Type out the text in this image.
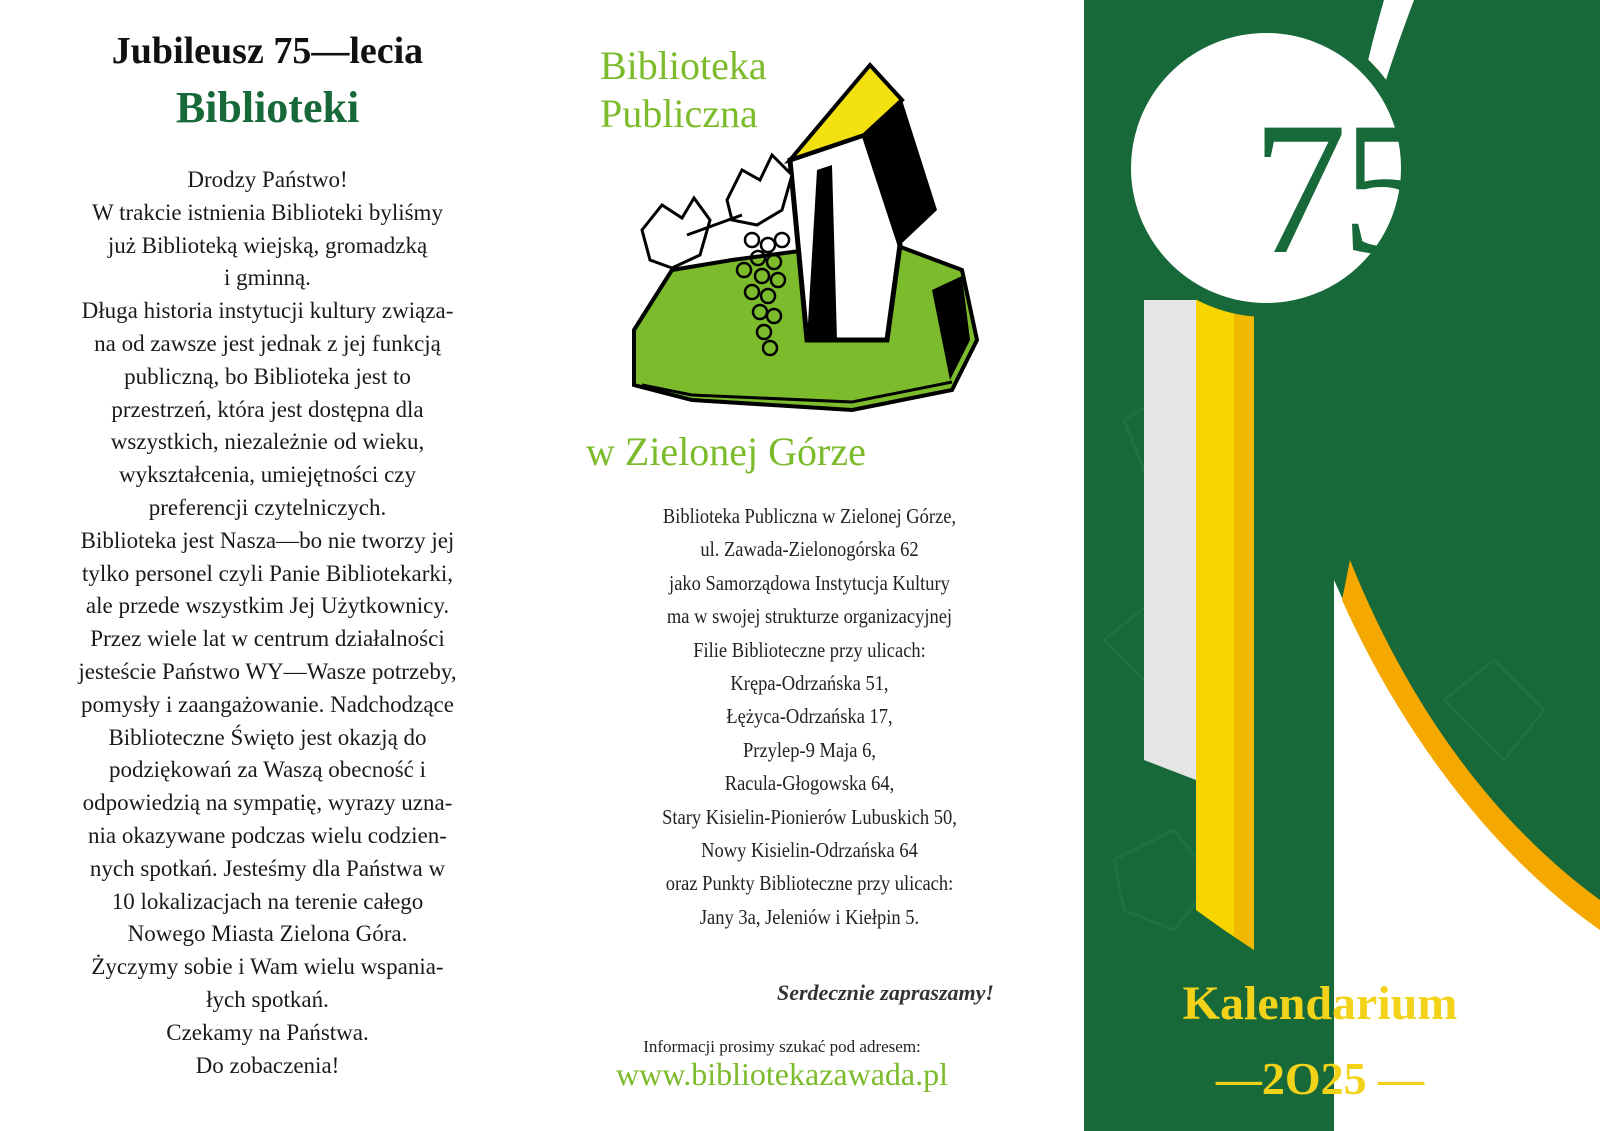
Jubileusz 75—lecia
Biblioteki
Drodzy Państwo!
W trakcie istnienia Biblioteki byliśmy
już Biblioteką wiejską, gromadzką
i gminną.
Długa historia instytucji kultury związa-
na od zawsze jest jednak z jej funkcją
publiczną, bo Biblioteka jest to
przestrzeń, która jest dostępna dla
wszystkich, niezależnie od wieku,
wykształcenia, umiejętności czy
preferencji czytelniczych.
Biblioteka jest Nasza—bo nie tworzy jej
tylko personel czyli Panie Bibliotekarki,
ale przede wszystkim Jej Użytkownicy.
Przez wiele lat w centrum działalności
jesteście Państwo WY—Wasze potrzeby,
pomysły i zaangażowanie. Nadchodzące
Biblioteczne Święto jest okazją do
podziękowań za Waszą obecność i
odpowiedzią na sympatię, wyrazy uzna-
nia okazywane podczas wielu codzien-
nych spotkań. Jesteśmy dla Państwa w
10 lokalizacjach na terenie całego
Nowego Miasta Zielona Góra.
Życzymy sobie i Wam wielu wspania-
łych spotkań.
Czekamy na Państwa.
Do zobaczenia!
Biblioteka
Publiczna
w Zielonej Górze
Biblioteka Publiczna w Zielonej Górze,
ul. Zawada-Zielonogórska 62
jako Samorządowa Instytucja Kultury
ma w swojej strukturze organizacyjnej
Filie Biblioteczne przy ulicach:
Krępa-Odrzańska 51,
Łężyca-Odrzańska 17,
Przylep-9 Maja 6,
Racula-Głogowska 64,
Stary Kisielin-Pionierów Lubuskich 50,
Nowy Kisielin-Odrzańska 64
oraz Punkty Biblioteczne przy ulicach:
Jany 3a, Jeleniów i Kiełpin 5.
Serdecznie zapraszamy!
Informacji prosimy szukać pod adresem:
www.bibliotekazawada.pl
75
Biblioteka
Publiczna
w Zielonej Górze
Kalendarium
—2O25 —
